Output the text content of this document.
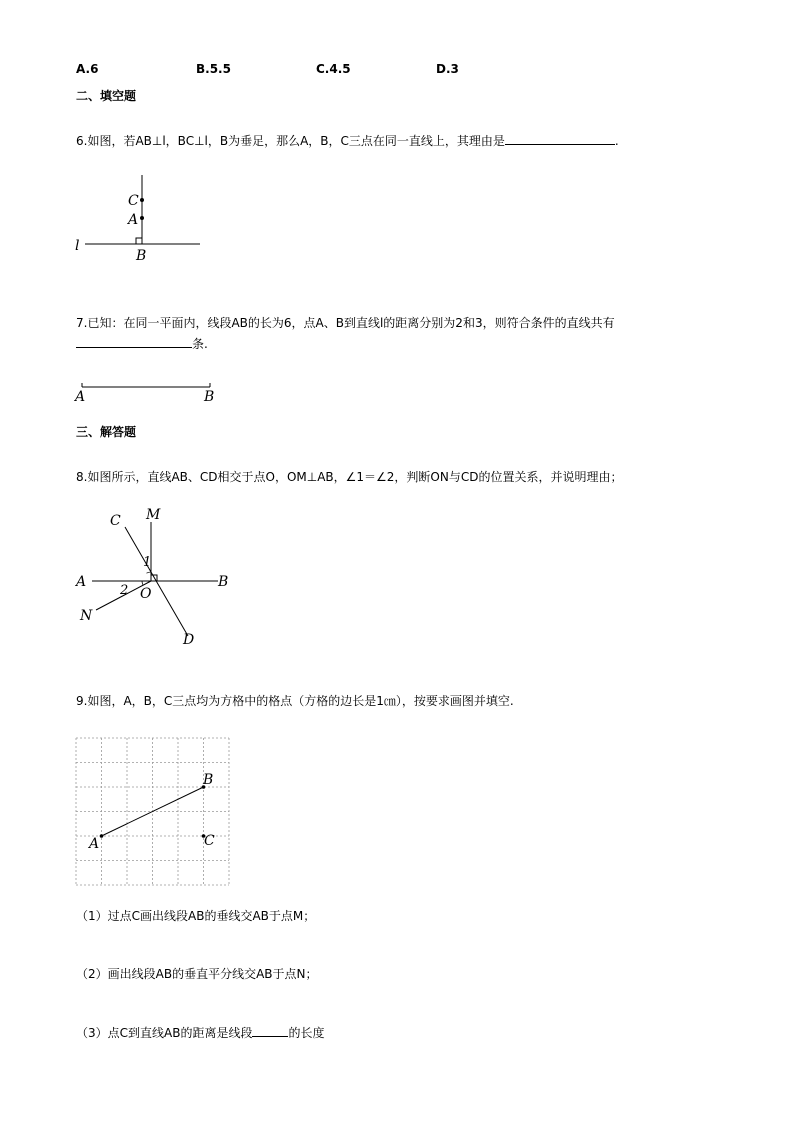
A.6	B.5.5	C.4.5	D.3
二、填空题
6.如图，若AB⊥l，BC⊥l，B为垂足，那么A，B，C三点在同一直线上，其理由是	.
C
A
l
B
7.已知：在同一平面内，线段AB的长为6，点A、B到直线l的距离分别为2和3，则符合条件的直线共有
条.
A	B
三、解答题
8.如图所示，直线AB、CD相交于点O，OM⊥AB，∠1＝∠2，判断ON与CD的位置关系，并说明理由；
C M
1
A	B
2 O
N
D
9.如图，A，B，C三点均为方格中的格点（方格的边长是1㎝），按要求画图并填空.
A
B
C
（1）过点C画出线段AB的垂线交AB于点M；
（2）画出线段AB的垂直平分线交AB于点N；
（3）点C到直线AB的距离是线段	的长度
